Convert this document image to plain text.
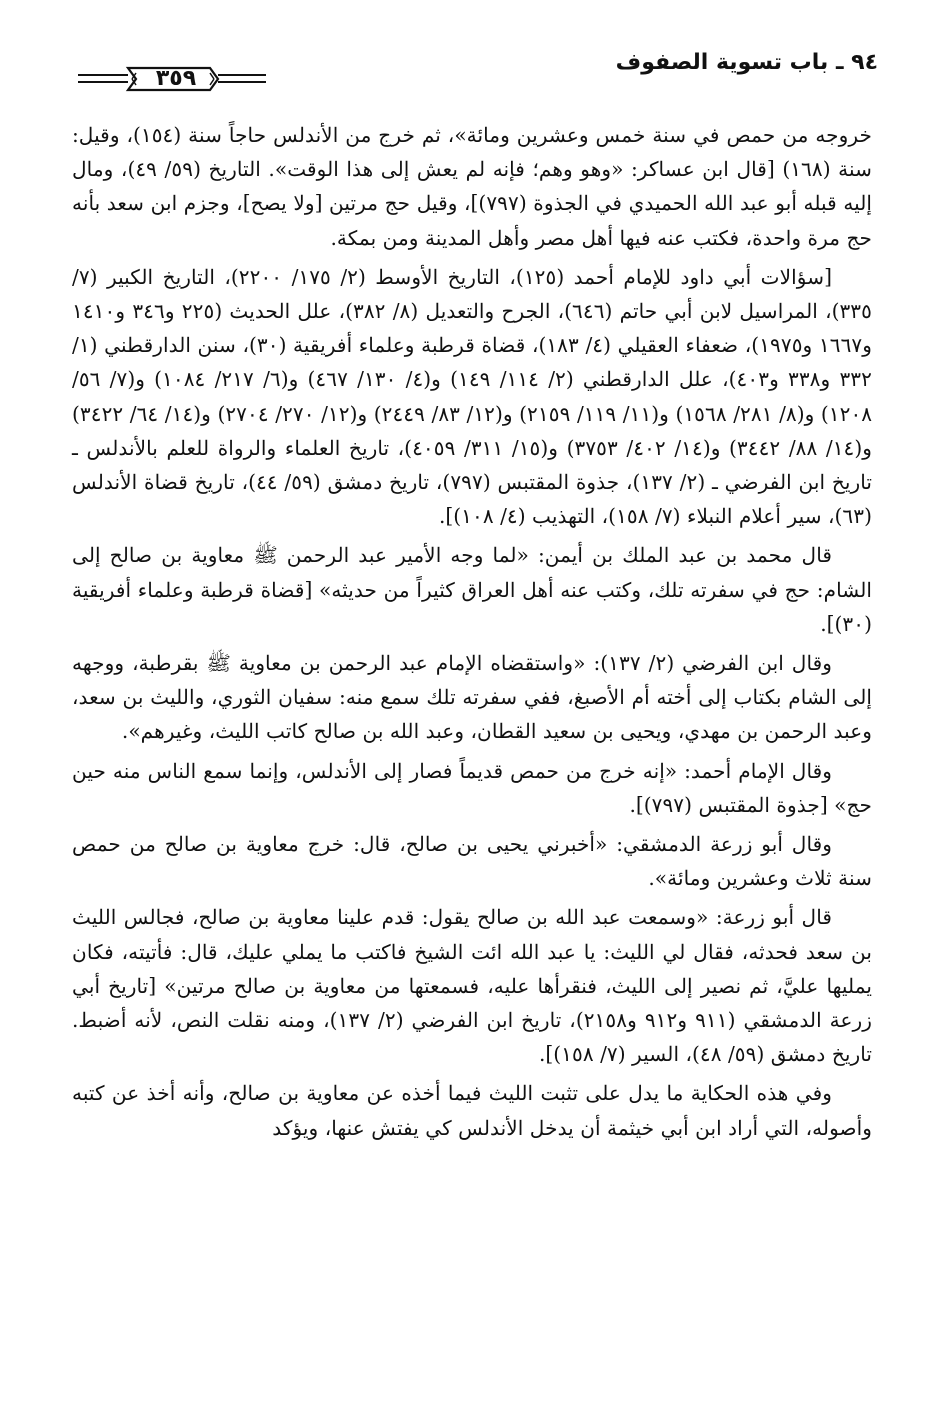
٩٤ ـ باب تسوية الصفوف
٣٥٩

خروجه من حمص في سنة خمس وعشرين ومائة»، ثم خرج من الأندلس حاجاً سنة (١٥٤)، وقيل: سنة (١٦٨) [قال ابن عساكر: «وهو وهم؛ فإنه لم يعش إلى هذا الوقت». التاريخ (٥٩/ ٤٩)، ومال إليه قبله أبو عبد الله الحميدي في الجذوة (٧٩٧)]، وقيل حج مرتين [ولا يصح]، وجزم ابن سعد بأنه حج مرة واحدة، فكتب عنه فيها أهل مصر وأهل المدينة ومن بمكة.

[سؤالات أبي داود للإمام أحمد (١٢٥)، التاريخ الأوسط (٢/ ١٧٥/ ٢٢٠٠)، التاريخ الكبير (٧/ ٣٣٥)، المراسيل لابن أبي حاتم (٦٤٦)، الجرح والتعديل (٨/ ٣٨٢)، علل الحديث (٢٢٥ و٣٤٦ و١٤١٠ و١٦٦٧ و١٩٧٥)، ضعفاء العقيلي (٤/ ١٨٣)، قضاة قرطبة وعلماء أفريقية (٣٠)، سنن الدارقطني (١/ ٣٣٢ و٣٣٨ و٤٠٣)، علل الدارقطني (٢/ ١١٤/ ١٤٩) و(٤/ ١٣٠/ ٤٦٧) و(٦/ ٢١٧/ ١٠٨٤) و(٧/ ٥٦/ ١٢٠٨) و(٨/ ٢٨١/ ١٥٦٨) و(١١/ ١١٩/ ٢١٥٩) و(١٢/ ٨٣/ ٢٤٤٩) و(١٢/ ٢٧٠/ ٢٧٠٤) و(١٤/ ٦٤/ ٣٤٢٢) و(١٤/ ٨٨/ ٣٤٤٢) و(١٤/ ٤٠٢/ ٣٧٥٣) و(١٥/ ٣١١/ ٤٠٥٩)، تاريخ العلماء والرواة للعلم بالأندلس ـ تاريخ ابن الفرضي ـ (٢/ ١٣٧)، جذوة المقتبس (٧٩٧)، تاريخ دمشق (٥٩/ ٤٤)، تاريخ قضاة الأندلس (٦٣)، سير أعلام النبلاء (٧/ ١٥٨)، التهذيب (٤/ ١٠٨)].

قال محمد بن عبد الملك بن أيمن: «لما وجه الأمير عبد الرحمن ﷺ معاوية بن صالح إلى الشام: حج في سفرته تلك، وكتب عنه أهل العراق كثيراً من حديثه» [قضاة قرطبة وعلماء أفريقية (٣٠)].

وقال ابن الفرضي (٢/ ١٣٧): «واستقضاه الإمام عبد الرحمن بن معاوية ﷺ بقرطبة، ووجهه إلى الشام بكتاب إلى أخته أم الأصبغ، ففي سفرته تلك سمع منه: سفيان الثوري، والليث بن سعد، وعبد الرحمن بن مهدي، ويحيى بن سعيد القطان، وعبد الله بن صالح كاتب الليث، وغيرهم».

وقال الإمام أحمد: «إنه خرج من حمص قديماً فصار إلى الأندلس، وإنما سمع الناس منه حين حج» [جذوة المقتبس (٧٩٧)].

وقال أبو زرعة الدمشقي: «أخبرني يحيى بن صالح، قال: خرج معاوية بن صالح من حمص سنة ثلاث وعشرين ومائة».

قال أبو زرعة: «وسمعت عبد الله بن صالح يقول: قدم علينا معاوية بن صالح، فجالس الليث بن سعد فحدثه، فقال لي الليث: يا عبد الله ائت الشيخ فاكتب ما يملي عليك، قال: فأتيته، فكان يمليها عليَّ، ثم نصير إلى الليث، فنقرأها عليه، فسمعتها من معاوية بن صالح مرتين» [تاريخ أبي زرعة الدمشقي (٩١١ و٩١٢ و٢١٥٨)، تاريخ ابن الفرضي (٢/ ١٣٧)، ومنه نقلت النص، لأنه أضبط. تاريخ دمشق (٥٩/ ٤٨)، السير (٧/ ١٥٨)].

وفي هذه الحكاية ما يدل على تثبت الليث فيما أخذه عن معاوية بن صالح، وأنه أخذ عن كتبه وأصوله، التي أراد ابن أبي خيثمة أن يدخل الأندلس كي يفتش عنها، ويؤكد
